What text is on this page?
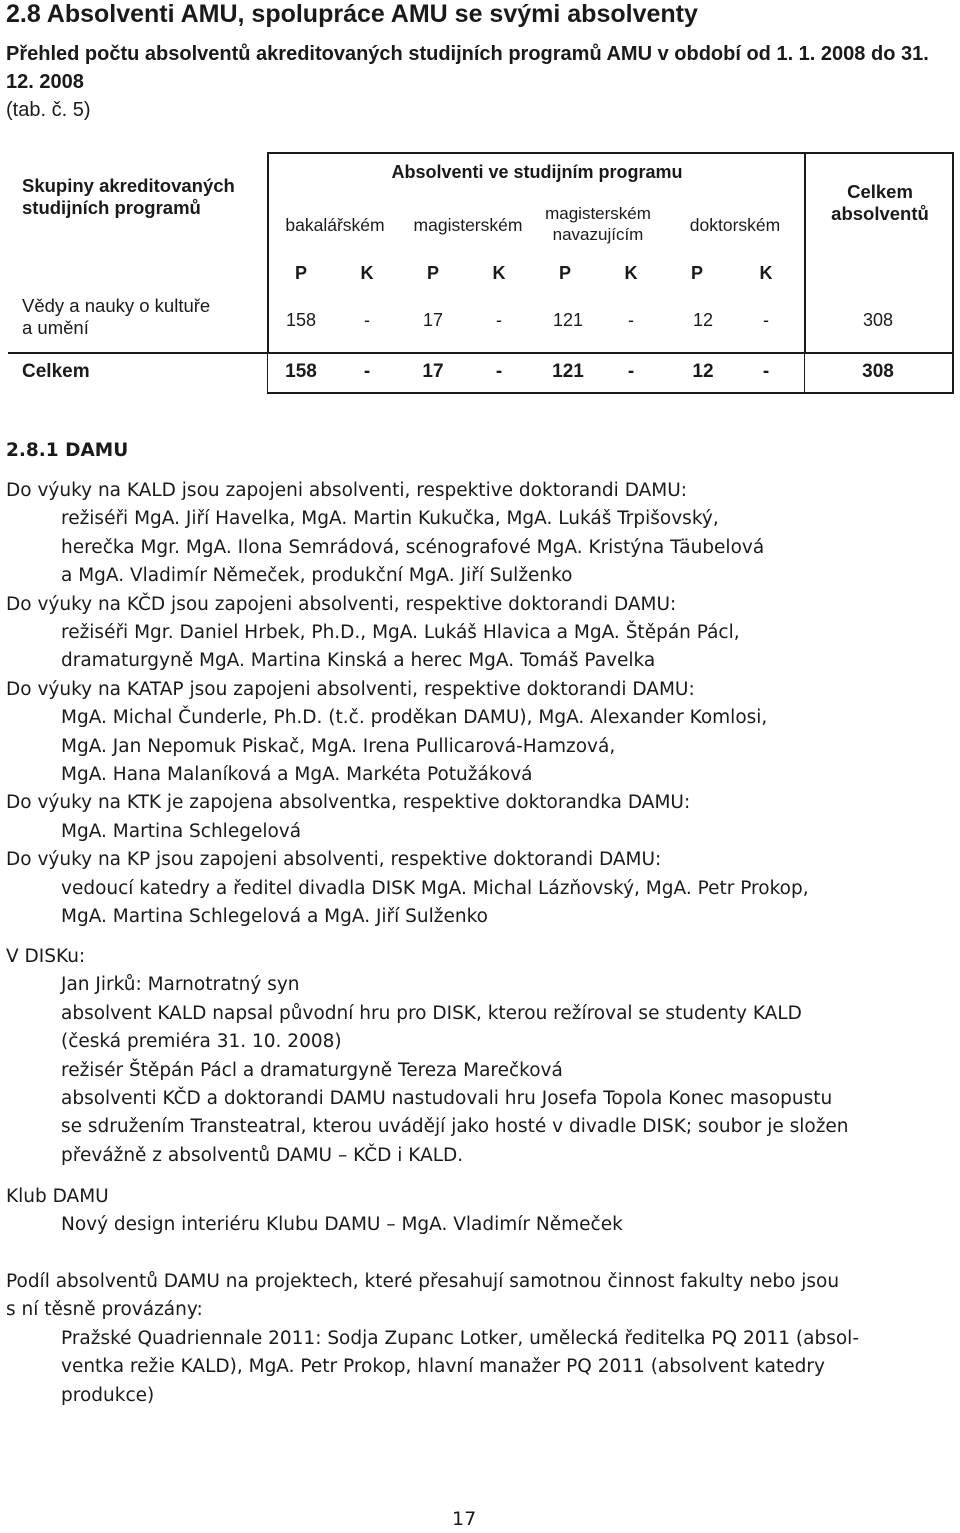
2.8 Absolventi AMU, spolupráce AMU se svými absolventy
Přehled počtu absolventů akreditovaných studijních programů AMU v období od 1. 1. 2008 do 31. 12. 2008
(tab. č. 5)
Skupiny akreditovaných studijních programů
Absolventi ve studijním programu
bakalářském	magisterském
magisterském navazujícím	doktorském
P	K	P	K	P	K	P	K
Celkem absolventů
Vědy a nauky o kultuře a umění	158	-	17	-	121	-	12	-	308
Celkem	158	-	17	-	121	-	12	-	308
2.8.1 DAMU
Do výuky na KALD jsou zapojeni absolventi, respektive doktorandi DAMU:
režiséři MgA. Jiří Havelka, MgA. Martin Kukučka, MgA. Lukáš Trpišovský,
herečka Mgr. MgA. Ilona Semrádová, scénografové MgA. Kristýna Täubelová
a MgA. Vladimír Němeček, produkční MgA. Jiří Sulženko
Do výuky na KČD jsou zapojeni absolventi, respektive doktorandi DAMU:
režiséři Mgr. Daniel Hrbek, Ph.D., MgA. Lukáš Hlavica a MgA. Štěpán Pácl,
dramaturgyně MgA. Martina Kinská a herec MgA. Tomáš Pavelka
Do výuky na KATAP jsou zapojeni absolventi, respektive doktorandi DAMU:
MgA. Michal Čunderle, Ph.D. (t.č. proděkan DAMU), MgA. Alexander Komlosi,
MgA. Jan Nepomuk Piskač, MgA. Irena Pullicarová-Hamzová,
MgA. Hana Malaníková a MgA. Markéta Potužáková
Do výuky na KTK je zapojena absolventka, respektive doktorandka DAMU:
MgA. Martina Schlegelová
Do výuky na KP jsou zapojeni absolventi, respektive doktorandi DAMU:
vedoucí katedry a ředitel divadla DISK MgA. Michal Lázňovský, MgA. Petr Prokop,
MgA. Martina Schlegelová a MgA. Jiří Sulženko
V DISKu:
Jan Jirků: Marnotratný syn
absolvent KALD napsal původní hru pro DISK, kterou režíroval se studenty KALD
(česká premiéra 31. 10. 2008)
režisér Štěpán Pácl a dramaturgyně Tereza Marečková
absolventi KČD a doktorandi DAMU nastudovali hru Josefa Topola Konec masopustu
se sdružením Transteatral, kterou uvádějí jako hosté v divadle DISK; soubor je složen
převážně z absolventů DAMU – KČD i KALD.
Klub DAMU
Nový design interiéru Klubu DAMU – MgA. Vladimír Němeček
Podíl absolventů DAMU na projektech, které přesahují samotnou činnost fakulty nebo jsou
s ní těsně provázány:
Pražské Quadriennale 2011: Sodja Zupanc Lotker, umělecká ředitelka PQ 2011 (absol-
ventka režie KALD), MgA. Petr Prokop, hlavní manažer PQ 2011 (absolvent katedry
produkce)
17
